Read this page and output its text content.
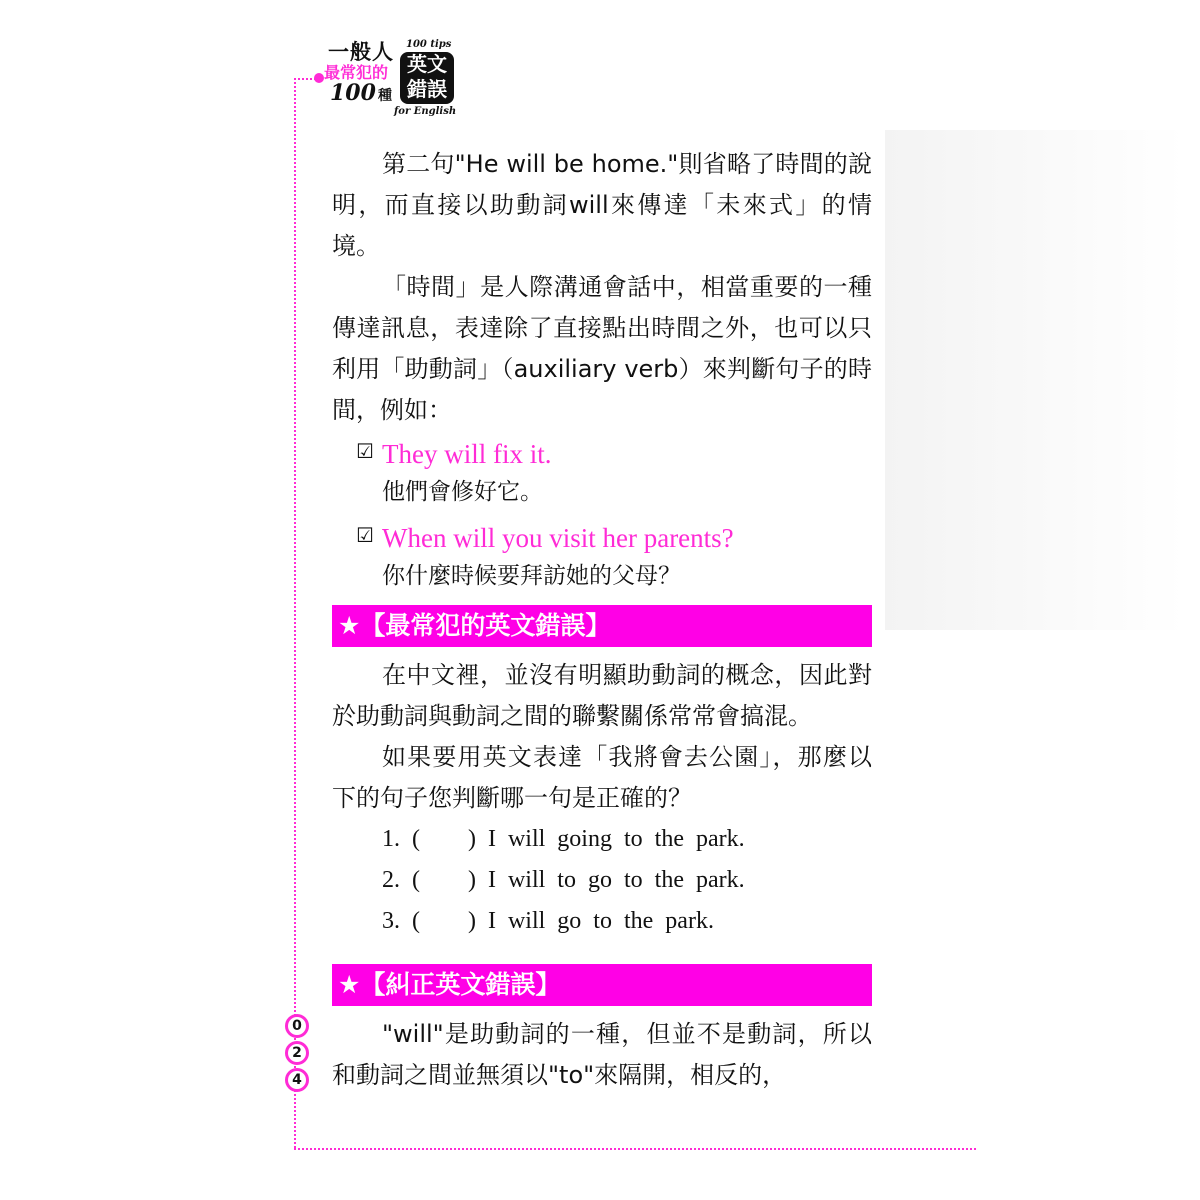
一般人
最常犯的
100 種
100 tips
英文
錯誤
for English

第二句"He will be home."則省略了時間的說明，而直接以助動詞will來傳達「未來式」的情境。

「時間」是人際溝通會話中，相當重要的一種傳達訊息，表達除了直接點出時間之外，也可以只利用「助動詞」（auxiliary verb）來判斷句子的時間，例如：

☑ They will fix it.
他們會修好它。
☑ When will you visit her parents?
你什麼時候要拜訪她的父母？
★【最常犯的英文錯誤】

在中文裡，並沒有明顯助動詞的概念，因此對於助動詞與動詞之間的聯繫關係常常會搞混。

如果要用英文表達「我將會去公園」，那麼以下的句子您判斷哪一句是正確的？

1. (　　) I will going to the park.
2. (　　) I will to go to the park.
3. (　　) I will go to the park.
★【糾正英文錯誤】

"will"是助動詞的一種，但並不是動詞，所以和動詞之間並無須以"to"來隔開，相反的，

0
2
4
